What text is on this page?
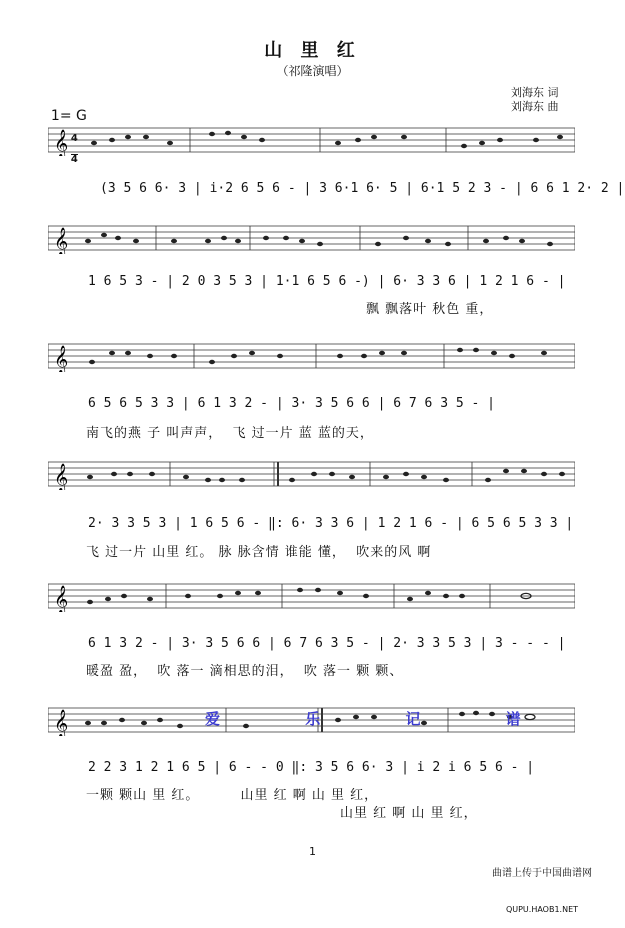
山 里 红
（祁隆演唱）

1= G

$\frac{4}{4}$

刘海东 词
刘海东 曲
𝄞
𝄞
𝄞
𝄞
𝄞
𝄞	爱 乐 记 谱
(3 5 6 6· 3 | i·2 6 5 6 - | 3 6·1 6· 5 | 6·1 5 2 3 - | 6 6 1 2· 2 |
1 6 5 3 - | 2 0 3 5 3 | 1·1 6 5 6 -) | 6· 3 3 6 | 1 2 1 6 - |
飘 飘落叶 秋色 重，
6 5 6 5 3 3 | 6 1 3 2 - | 3· 3 5 6 6 | 6 7 6 3 5 - |
南飞的燕 子 叫声声，  飞 过一片 蓝 蓝的天，
2· 3 3 5 3 | 1 6 5 6 - ‖: 6· 3 3 6 | 1 2 1 6 - | 6 5 6 5 3 3 |
飞 过一片 山里 红。 脉 脉含情 谁能 懂，  吹来的风 啊
6 1 3 2 - | 3· 3 5 6 6 | 6 7 6 3 5 - | 2· 3 3 5 3 | 3 - - - |
暖盈 盈，  吹 落一 滴相思的泪，  吹 落一 颗 颗、
2 2 3 1 2 1 6 5 | 6 - - 0 ‖: 3 5 6 6· 3 | i 2 i 6 5 6 - |
一颗 颗山 里 红。        山里 红 啊 山 里 红，
山里 红 啊 山 里 红，
1

曲谱上传于中国曲谱网

QUPU.HAOB1.NET
